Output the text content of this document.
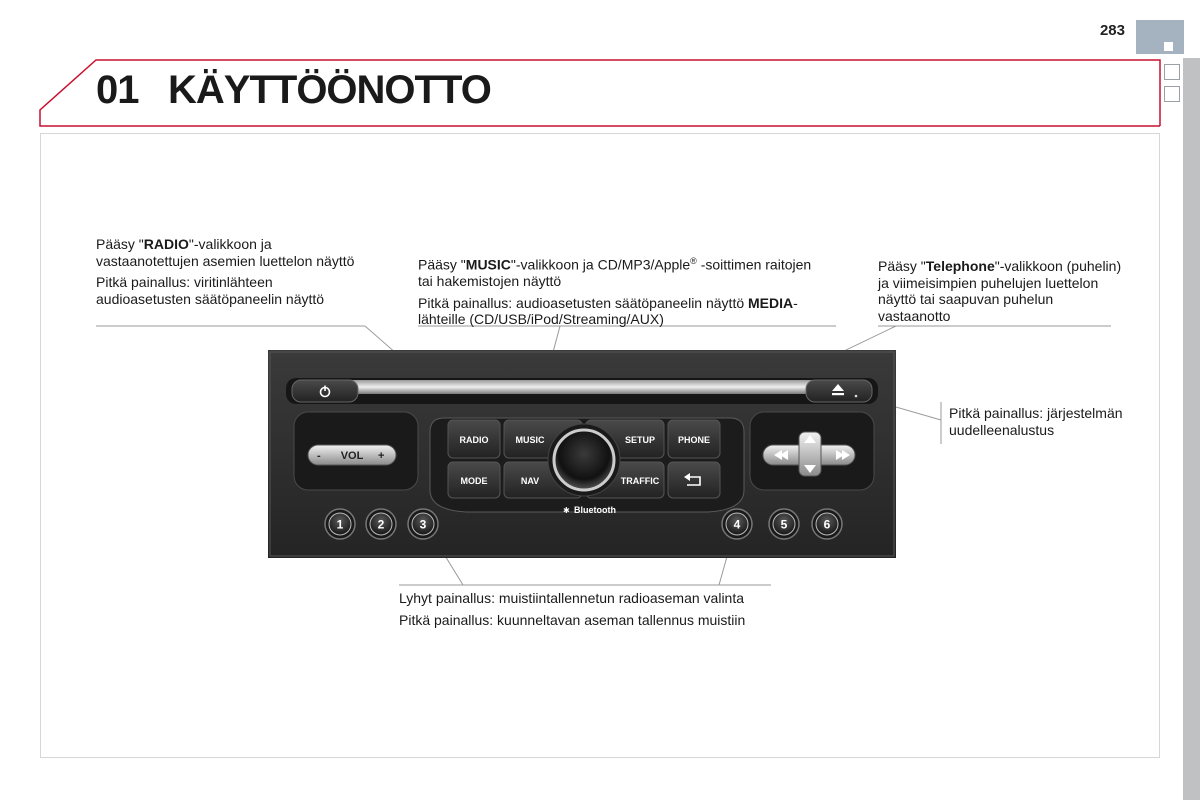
283
01 KÄYTTÖÖNOTTO

Pääsy "RADIO"-valikkoon ja vastaanotettujen asemien luettelon näyttö

Pitkä painallus: viritinlähteen audioasetusten säätöpaneelin näyttö

Pääsy "MUSIC"-valikkoon ja CD/MP3/Apple® -soittimen raitojen tai hakemistojen näyttö

Pitkä painallus: audioasetusten säätöpaneelin näyttö MEDIA-lähteille (CD/USB/iPod/Streaming/AUX)

Pääsy "Telephone"-valikkoon (puhelin) ja viimeisimpien puhelujen luettelon näyttö tai saapuvan puhelun vastaanotto

Pitkä painallus: järjestelmän uudelleenalustus

Lyhyt painallus: muistiintallennetun radioaseman valinta

Pitkä painallus: kuunneltavan aseman tallennus muistiin

- VOL +
RADIO	MUSIC	SETUP	PHONE
MODE	NAV	TRAFFIC
✱ Bluetooth
1	2	3	4	5	6
